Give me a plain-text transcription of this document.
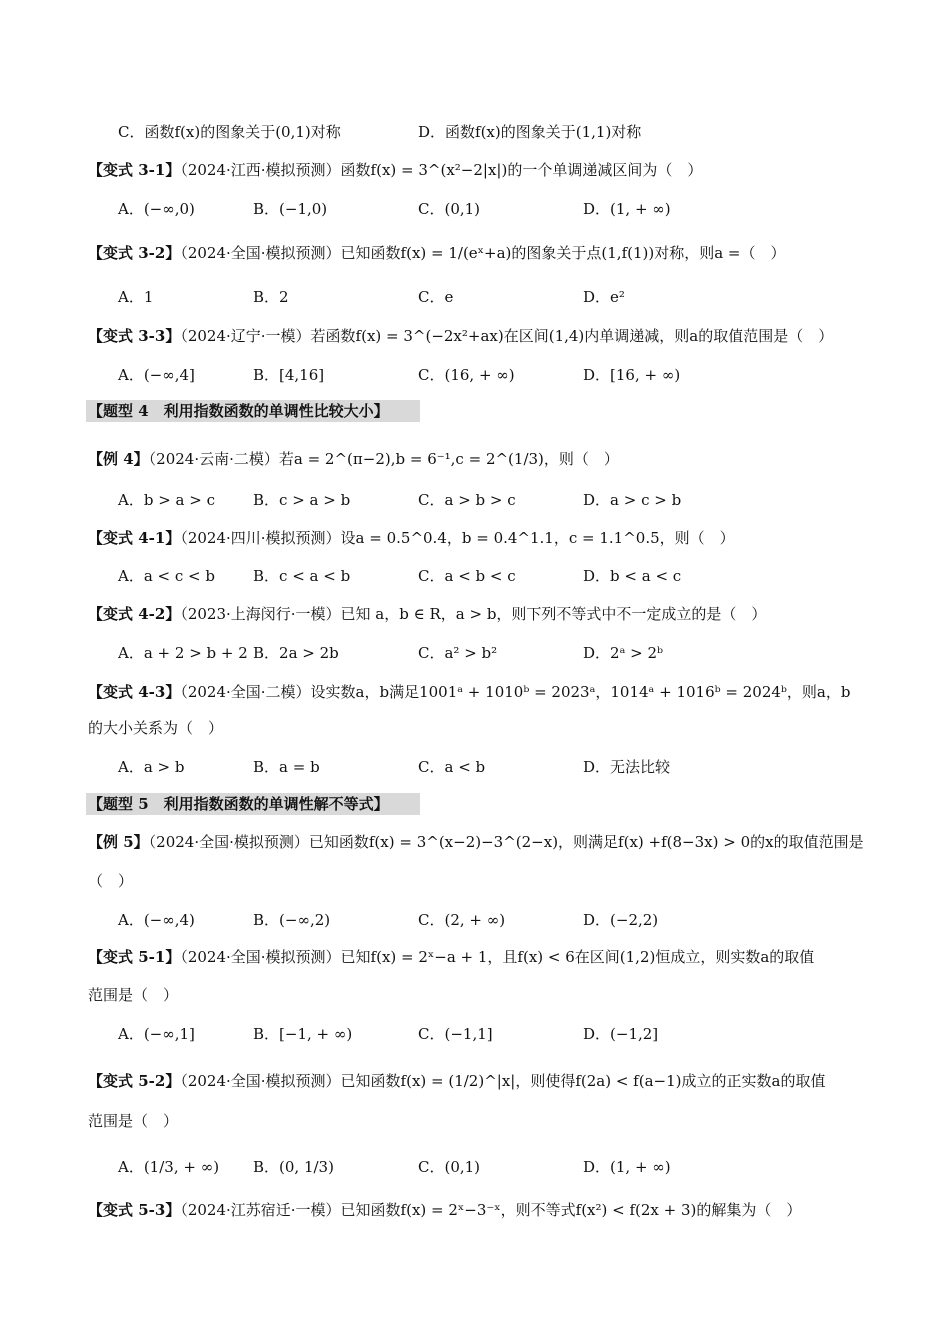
C．函数f(x)的图象关于(0,1)对称	D．函数f(x)的图象关于(1,1)对称
【变式 3-1】（2024·江西·模拟预测）函数f(x) = 3^(x²−2|x|)的一个单调递减区间为（　）
A．(−∞,0)	B．(−1,0)	C．(0,1)	D．(1, + ∞)
【变式 3-2】（2024·全国·模拟预测）已知函数f(x) = 1/(eˣ+a)的图象关于点(1,f(1))对称，则a =（　）
A．1	B．2	C．e	D．e²
【变式 3-3】（2024·辽宁·一模）若函数f(x) = 3^(−2x²+ax)在区间(1,4)内单调递减，则a的取值范围是（　）
A．(−∞,4]	B．[4,16]	C．(16, + ∞)	D．[16, + ∞)
【题型 4　利用指数函数的单调性比较大小】
【例 4】（2024·云南·二模）若a = 2^(π−2),b = 6⁻¹,c = 2^(1/3)，则（　）
A．b > a > c	B．c > a > b	C．a > b > c	D．a > c > b
【变式 4-1】（2024·四川·模拟预测）设a = 0.5^0.4，b = 0.4^1.1，c = 1.1^0.5，则（　）
A．a < c < b	B．c < a < b	C．a < b < c	D．b < a < c
【变式 4-2】（2023·上海闵行·一模）已知 a，b ∈ R，a > b，则下列不等式中不一定成立的是（　）
A．a + 2 > b + 2 B．2a > 2b	C．a² > b²	D．2ᵃ > 2ᵇ
【变式 4-3】（2024·全国·二模）设实数a，b满足1001ᵃ + 1010ᵇ = 2023ᵃ，1014ᵃ + 1016ᵇ = 2024ᵇ，则a，b
的大小关系为（　）
A．a > b	B．a = b	C．a < b	D．无法比较
【题型 5　利用指数函数的单调性解不等式】
【例 5】（2024·全国·模拟预测）已知函数f(x) = 3^(x−2)−3^(2−x)，则满足f(x) +f(8−3x) > 0的x的取值范围是
（　）
A．(−∞,4)	B．(−∞,2)	C．(2, + ∞)	D．(−2,2)
【变式 5-1】（2024·全国·模拟预测）已知f(x) = 2ˣ−a + 1，且f(x) < 6在区间(1,2)恒成立，则实数a的取值
范围是（　）
A．(−∞,1]	B．[−1, + ∞)	C．(−1,1]	D．(−1,2]
【变式 5-2】（2024·全国·模拟预测）已知函数f(x) = (1/2)^|x|，则使得f(2a) < f(a−1)成立的正实数a的取值
范围是（　）
A．(1/3, + ∞) B．(0, 1/3)	C．(0,1)	D．(1, + ∞)
【变式 5-3】（2024·江苏宿迁·一模）已知函数f(x) = 2ˣ−3⁻ˣ，则不等式f(x²) < f(2x + 3)的解集为（　）
